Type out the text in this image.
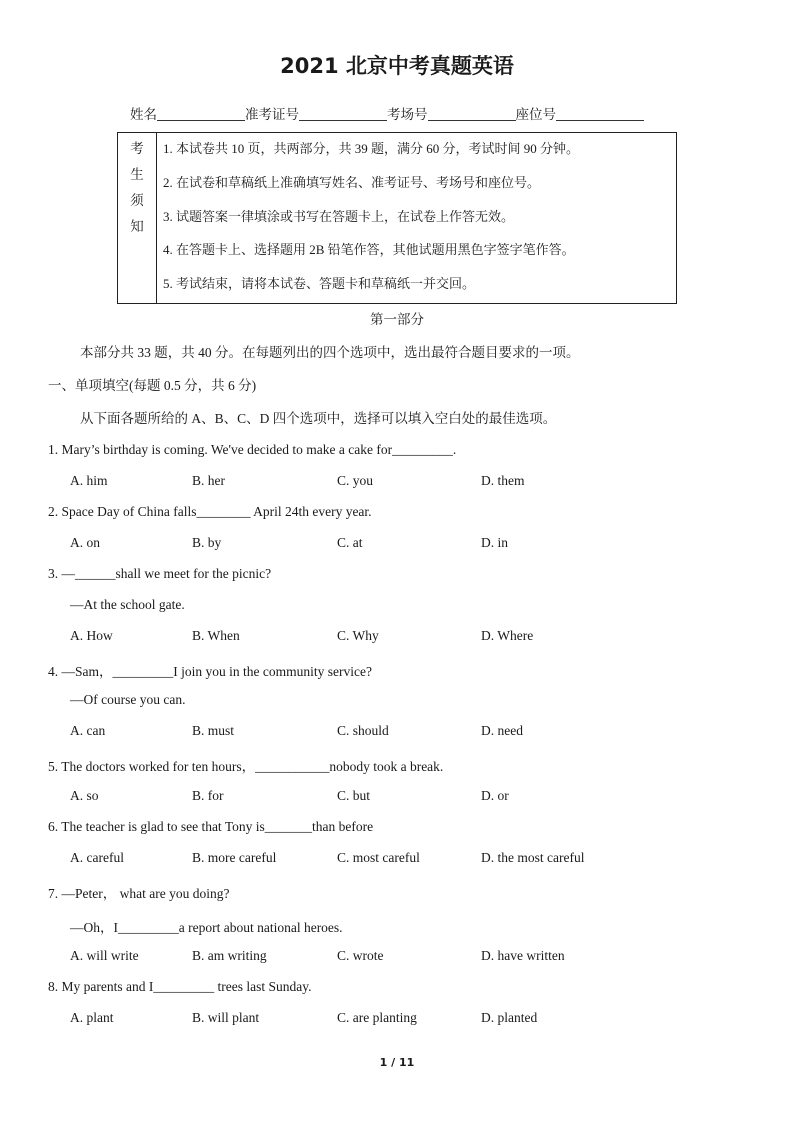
2021 北京中考真题英语
姓名	准考证号	考场号	座位号
考
生
须
知
1. 本试卷共 10 页，共两部分，共 39 题，满分 60 分，考试时间 90 分钟。
2. 在试卷和草稿纸上准确填写姓名、准考证号、考场号和座位号。
3. 试题答案一律填涂或书写在答题卡上，在试卷上作答无效。
4. 在答题卡上、选择题用 2B 铅笔作答，其他试题用黑色字签字笔作答。
5. 考试结束，请将本试卷、答题卡和草稿纸一并交回。
第一部分
本部分共 33 题，共 40 分。在每题列出的四个选项中，选出最符合题目要求的一项。
一、单项填空(每题 0.5 分，共 6 分)
从下面各题所给的 A、B、C、D 四个选项中，选择可以填入空白处的最佳选项。
1. Mary’s birthday is coming. We've decided to make a cake for_________.
A. him	B. her	C. you	D. them
2. Space Day of China falls________ April 24th every year.
A. on	B. by	C. at	D. in
3. —______shall we meet for the picnic?
—At the school gate.
A. How	B. When	C. Why	D. Where
4. —Sam，_________I join you in the community service?
—Of course you can.
A. can	B. must	C. should	D. need
5. The doctors worked for ten hours，___________nobody took a break.
A. so	B. for	C. but	D. or
6. The teacher is glad to see that Tony is_______than before
A. careful	B. more careful	C. most careful	D. the most careful
7. —Peter， what are you doing?
—Oh，I_________a report about national heroes.
A. will write	B. am writing	C. wrote	D. have written
8. My parents and I_________ trees last Sunday.
A. plant	B. will plant	C. are planting	D. planted
1 / 11
